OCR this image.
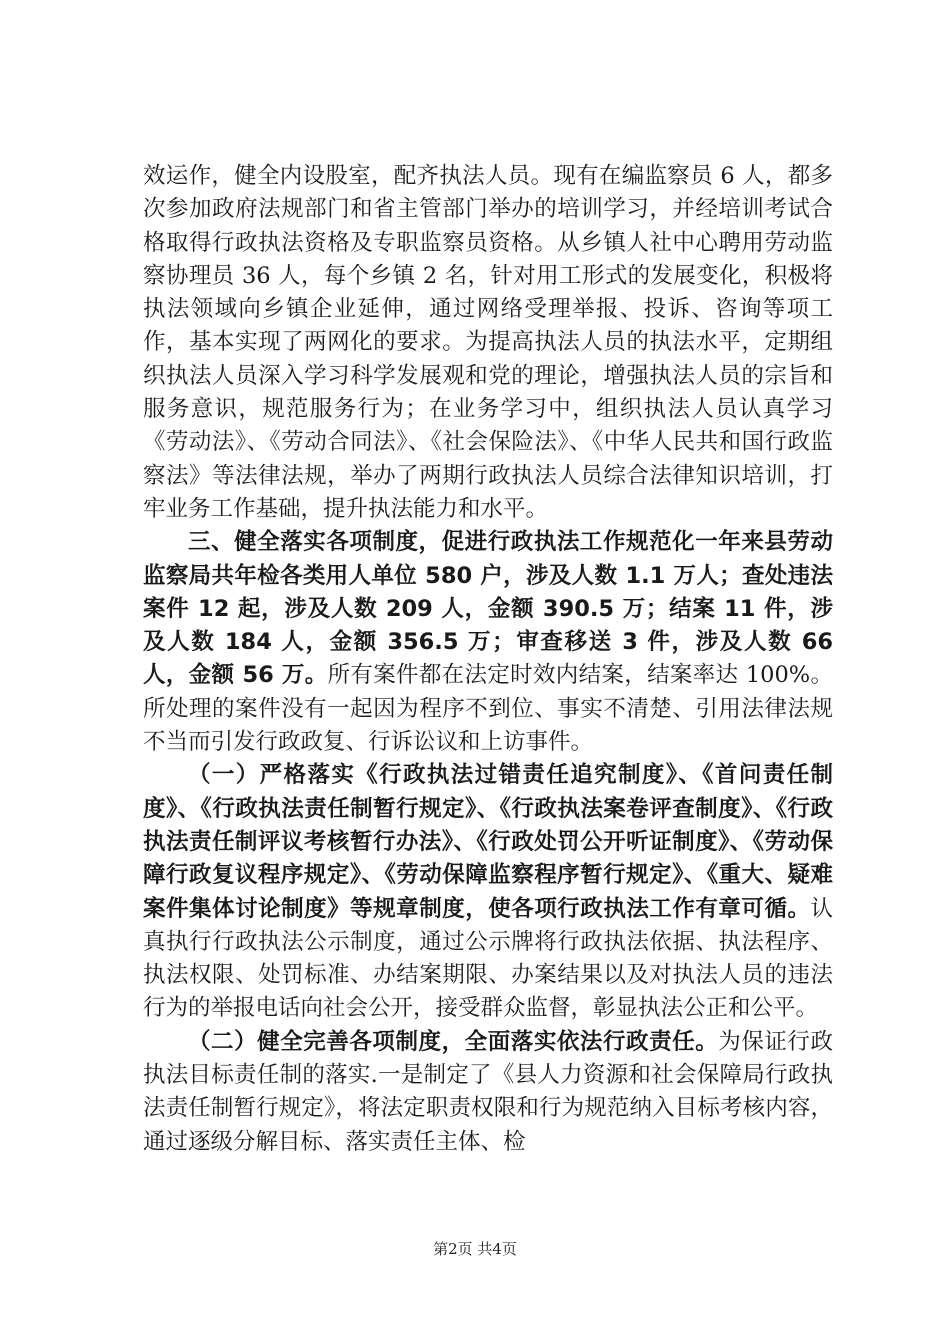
效运作，健全内设股室，配齐执法人员。现有在编监察员 6 人，都多次参加政府法规部门和省主管部门举办的培训学习，并经培训考试合格取得行政执法资格及专职监察员资格。从乡镇人社中心聘用劳动监察协理员 36 人，每个乡镇 2 名，针对用工形式的发展变化，积极将执法领域向乡镇企业延伸，通过网络受理举报、投诉、咨询等项工作，基本实现了两网化的要求。为提高执法人员的执法水平，定期组织执法人员深入学习科学发展观和党的理论，增强执法人员的宗旨和服务意识，规范服务行为；在业务学习中，组织执法人员认真学习《劳动法》、《劳动合同法》、《社会保险法》、《中华人民共和国行政监察法》等法律法规，举办了两期行政执法人员综合法律知识培训，打牢业务工作基础，提升执法能力和水平。

三、健全落实各项制度，促进行政执法工作规范化一年来县劳动监察局共年检各类用人单位 580 户，涉及人数 1.1 万人；查处违法案件 12 起，涉及人数 209 人，金额 390.5 万；结案 11 件，涉及人数 184 人，金额 356.5 万；审查移送 3 件，涉及人数 66 人，金额 56 万。所有案件都在法定时效内结案，结案率达 100%。所处理的案件没有一起因为程序不到位、事实不清楚、引用法律法规不当而引发行政政复、行诉讼议和上访事件。

（一）严格落实《行政执法过错责任追究制度》、《首问责任制度》、《行政执法责任制暂行规定》、《行政执法案卷评查制度》、《行政执法责任制评议考核暂行办法》、《行政处罚公开听证制度》、《劳动保障行政复议程序规定》、《劳动保障监察程序暂行规定》、《重大、疑难案件集体讨论制度》等规章制度，使各项行政执法工作有章可循。认真执行行政执法公示制度，通过公示牌将行政执法依据、执法程序、执法权限、处罚标准、办结案期限、办案结果以及对执法人员的违法行为的举报电话向社会公开，接受群众监督，彰显执法公正和公平。

（二）健全完善各项制度，全面落实依法行政责任。为保证行政执法目标责任制的落实.一是制定了《县人力资源和社会保障局行政执法责任制暂行规定》，将法定职责权限和行为规范纳入目标考核内容，通过逐级分解目标、落实责任主体、检

第2页 共4页
